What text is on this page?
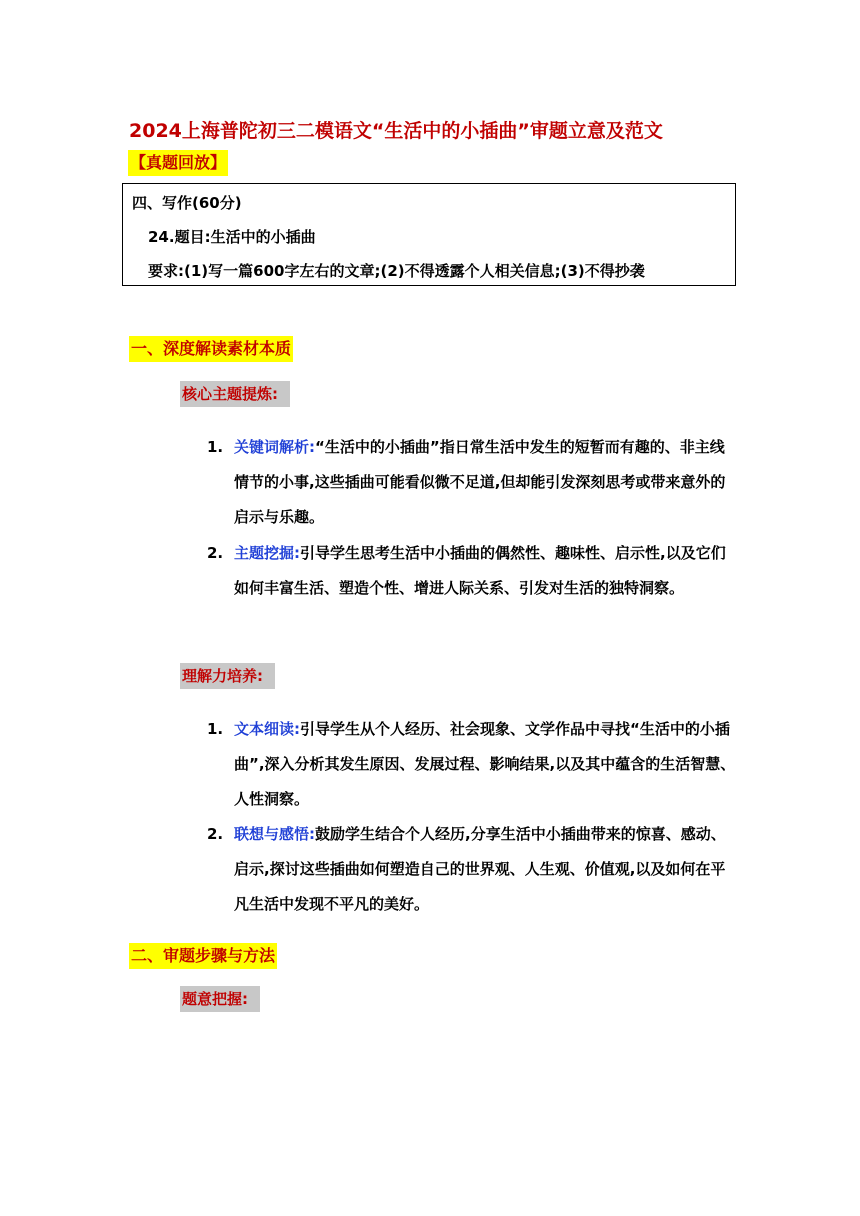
2024上海普陀初三二模语文“生活中的小插曲”审题立意及范文
【真题回放】
四、写作(60分)
24.题目:生活中的小插曲
要求:(1)写一篇600字左右的文章;(2)不得透露个人相关信息;(3)不得抄袭
一、深度解读素材本质
核心主题提炼:
1. 关键词解析:“生活中的小插曲”指日常生活中发生的短暂而有趣的、非主线情节的小事,这些插曲可能看似微不足道,但却能引发深刻思考或带来意外的启示与乐趣。
2. 主题挖掘:引导学生思考生活中小插曲的偶然性、趣味性、启示性,以及它们如何丰富生活、塑造个性、增进人际关系、引发对生活的独特洞察。
理解力培养:
1. 文本细读:引导学生从个人经历、社会现象、文学作品中寻找“生活中的小插曲”,深入分析其发生原因、发展过程、影响结果,以及其中蕴含的生活智慧、人性洞察。
2. 联想与感悟:鼓励学生结合个人经历,分享生活中小插曲带来的惊喜、感动、启示,探讨这些插曲如何塑造自己的世界观、人生观、价值观,以及如何在平凡生活中发现不平凡的美好。
二、审题步骤与方法
题意把握:
